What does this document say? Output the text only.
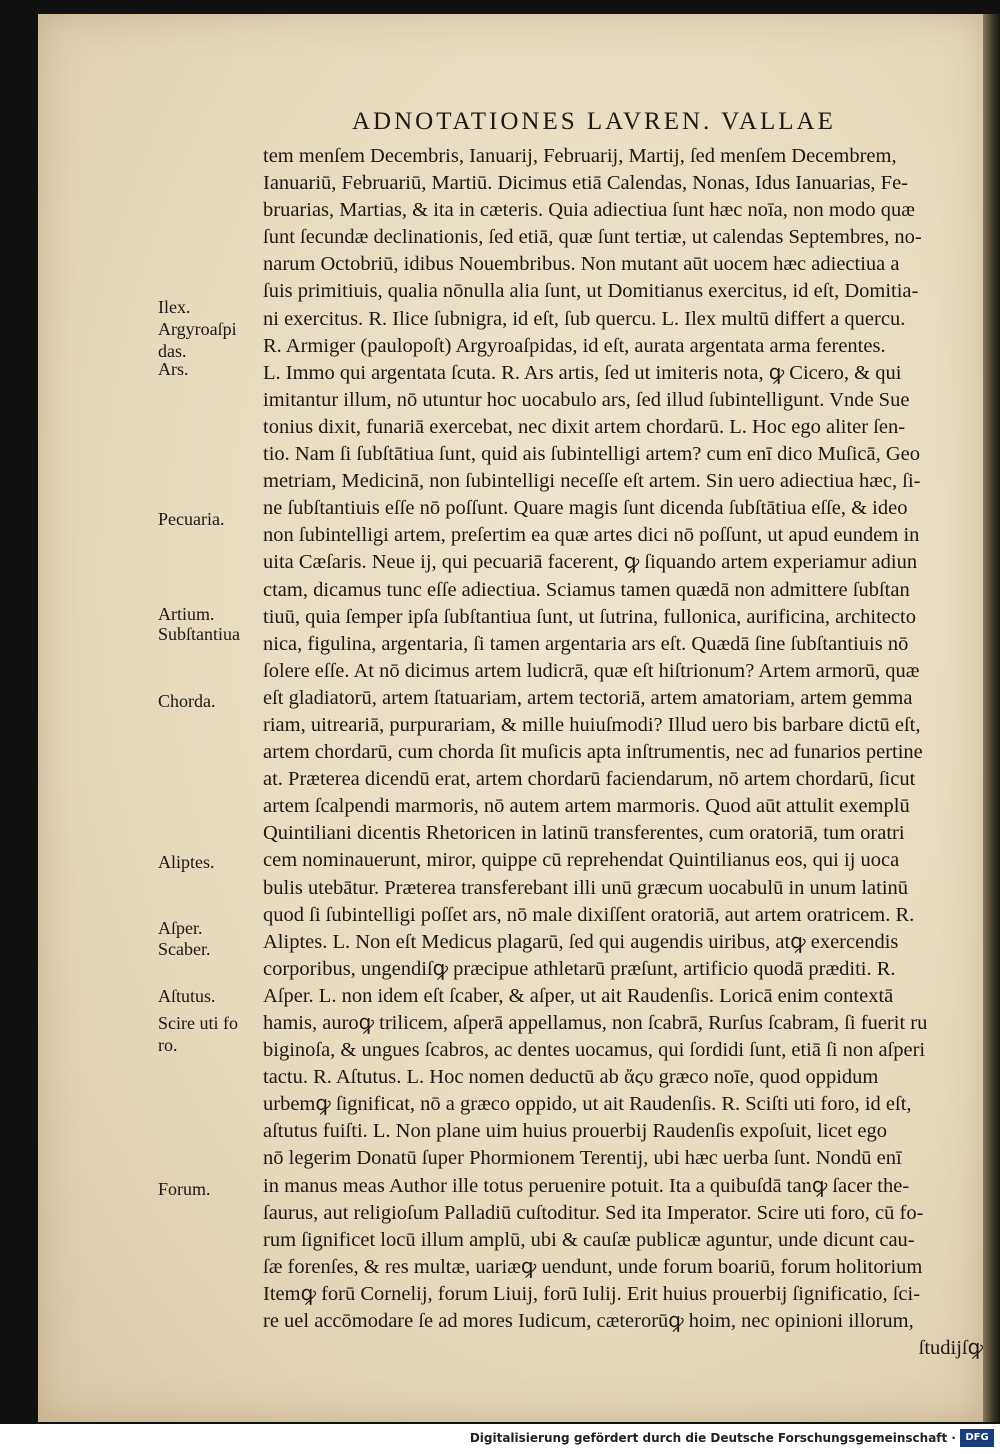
ADNOTATIONES LAVREN. VALLAE
tem menſem Decembris, Ianuarij, Februarij, Martij, ſed menſem Decembrem,
Ianuariū, Februariū, Martiū. Dicimus etiā Calendas, Nonas, Idus Ianuarias, Fe-
bruarias, Martias, & ita in cæteris. Quia adiectiua ſunt hæc noīa, non modo quæ
ſunt ſecundæ declinationis, ſed etiā, quæ ſunt tertiæ, ut calendas Septembres, no-
narum Octobriū, idibus Nouembribus. Non mutant aūt uocem hæc adiectiua a
ſuis primitiuis, qualia nōnulla alia ſunt, ut Domitianus exercitus, id eſt, Domitia-
ni exercitus. R. Ilice ſubnigra, id eſt, ſub quercu. L. Ilex multū differt a quercu.
R. Armiger (paulopoſt) Argyroaſpidas, id eſt, aurata argentata arma ferentes.
L. Immo qui argentata ſcuta. R. Ars artis, ſed ut imiteris nota, ꝙ Cicero, & qui
imitantur illum, nō utuntur hoc uocabulo ars, ſed illud ſubintelligunt. Vnde Sue
tonius dixit, funariā exercebat, nec dixit artem chordarū. L. Hoc ego aliter ſen-
tio. Nam ſi ſubſtātiua ſunt, quid ais ſubintelligi artem? cum enī dico Muſicā, Geo
metriam, Medicinā, non ſubintelligi neceſſe eſt artem. Sin uero adiectiua hæc, ſi-
ne ſubſtantiuis eſſe nō poſſunt. Quare magis ſunt dicenda ſubſtātiua eſſe, & ideo
non ſubintelligi artem, preſertim ea quæ artes dici nō poſſunt, ut apud eundem in
uita Cæſaris. Neue ij, qui pecuariā facerent, ꝙ ſiquando artem experiamur adiun
ctam, dicamus tunc eſſe adiectiua. Sciamus tamen quædā non admittere ſubſtan
tiuū, quia ſemper ipſa ſubſtantiua ſunt, ut ſutrina, fullonica, aurificina, architecto
nica, figulina, argentaria, ſi tamen argentaria ars eſt. Quædā ſine ſubſtantiuis nō
ſolere eſſe. At nō dicimus artem ludicrā, quæ eſt hiſtrionum? Artem armorū, quæ
eſt gladiatorū, artem ſtatuariam, artem tectoriā, artem amatoriam, artem gemma
riam, uitreariā, purpurariam, & mille huiuſmodi? Illud uero bis barbare dictū eſt,
artem chordarū, cum chorda ſit muſicis apta inſtrumentis, nec ad funarios pertine
at. Præterea dicendū erat, artem chordarū faciendarum, nō artem chordarū, ſicut
artem ſcalpendi marmoris, nō autem artem marmoris. Quod aūt attulit exemplū
Quintiliani dicentis Rhetoricen in latinū transferentes, cum oratoriā, tum oratri
cem nominauerunt, miror, quippe cū reprehendat Quintilianus eos, qui ij uoca
bulis utebātur. Præterea transferebant illi unū græcum uocabulū in unum latinū
quod ſi ſubintelligi poſſet ars, nō male dixiſſent oratoriā, aut artem oratricem. R.
Aliptes. L. Non eſt Medicus plagarū, ſed qui augendis uiribus, atꝙ exercendis
corporibus, ungendiſꝙ præcipue athletarū præſunt, artificio quodā præditi. R.
Aſper. L. non idem eſt ſcaber, & aſper, ut ait Raudenſis. Loricā enim contextā
hamis, auroꝙ trilicem, aſperā appellamus, non ſcabrā, Rurſus ſcabram, ſi fuerit ru
biginoſa, & ungues ſcabros, ac dentes uocamus, qui ſordidi ſunt, etiā ſi non aſperi
tactu. R. Aſtutus. L. Hoc nomen deductū ab ἄϛυ græco noīe, quod oppidum
urbemꝙ ſignificat, nō a græco oppido, ut ait Raudenſis. R. Sciſti uti foro, id eſt,
aſtutus fuiſti. L. Non plane uim huius prouerbij Raudenſis expoſuit, licet ego
nō legerim Donatū ſuper Phormionem Terentij, ubi hæc uerba ſunt. Nondū enī
in manus meas Author ille totus peruenire potuit. Ita a quibuſdā tanꝙ ſacer the-
ſaurus, aut religioſum Palladiū cuſtoditur. Sed ita Imperator. Scire uti foro, cū fo-
rum ſignificet locū illum amplū, ubi & cauſæ publicæ aguntur, unde dicunt cau-
ſæ forenſes, & res multæ, uariæꝙ uendunt, unde forum boariū, forum holitorium
Itemꝙ forū Cornelij, forum Liuij, forū Iulij. Erit huius prouerbij ſignificatio, ſci-
re uel accōmodare ſe ad mores Iudicum, cæterorūꝙ hoim, nec opinioni illorum,
ſtudijſꝙ
Ilex.
Argyroaſpi
das.
Ars.
Pecuaria.
Artium.
Subſtantiua
Chorda.
Aliptes.
Aſper.
Scaber.
Aſtutus.
Scire uti fo
ro.
Forum.
Digitalisierung gefördert durch die Deutsche Forschungsgemeinschaft · DFG
